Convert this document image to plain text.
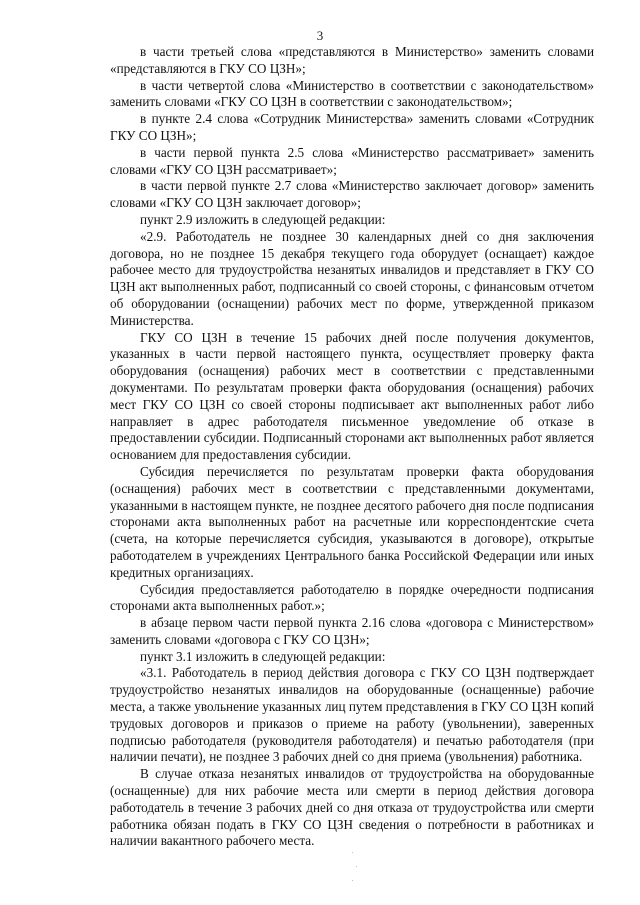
3

в части третьей слова «представляются в Министерство» заменить словами «представляются в ГКУ СО ЦЗН»;

в части четвертой слова «Министерство в соответствии с законодательством» заменить словами «ГКУ СО ЦЗН в соответствии с законодательством»;

в пункте 2.4 слова «Сотрудник Министерства» заменить словами «Сотрудник ГКУ СО ЦЗН»;

в части первой пункта 2.5 слова «Министерство рассматривает» заменить словами «ГКУ СО ЦЗН рассматривает»;

в части первой пункте 2.7 слова «Министерство заключает договор» заменить словами «ГКУ СО ЦЗН заключает договор»;

пункт 2.9 изложить в следующей редакции:

«2.9. Работодатель не позднее 30 календарных дней со дня заключения договора, но не позднее 15 декабря текущего года оборудует (оснащает) каждое рабочее место для трудоустройства незанятых инвалидов и представляет в ГКУ СО ЦЗН акт выполненных работ, подписанный со своей стороны, с финансовым отчетом об оборудовании (оснащении) рабочих мест по форме, утвержденной приказом Министерства.

ГКУ СО ЦЗН в течение 15 рабочих дней после получения документов, указанных в части первой настоящего пункта, осуществляет проверку факта оборудования (оснащения) рабочих мест в соответствии с представленными документами. По результатам проверки факта оборудования (оснащения) рабочих мест ГКУ СО ЦЗН со своей стороны подписывает акт выполненных работ либо направляет в адрес работодателя письменное уведомление об отказе в предоставлении субсидии. Подписанный сторонами акт выполненных работ является основанием для предоставления субсидии.

Субсидия перечисляется по результатам проверки факта оборудования (оснащения) рабочих мест в соответствии с представленными документами, указанными в настоящем пункте, не позднее десятого рабочего дня после подписания сторонами акта выполненных работ на расчетные или корреспондентские счета (счета, на которые перечисляется субсидия, указываются в договоре), открытые работодателем в учреждениях Центрального банка Российской Федерации или иных кредитных организациях.

Субсидия предоставляется работодателю в порядке очередности подписания сторонами акта выполненных работ.»;

в абзаце первом части первой пункта 2.16 слова «договора с Министерством» заменить словами «договора с ГКУ СО ЦЗН»;

пункт 3.1 изложить в следующей редакции:

«3.1. Работодатель в период действия договора с ГКУ СО ЦЗН подтверждает трудоустройство незанятых инвалидов на оборудованные (оснащенные) рабочие места, а также увольнение указанных лиц путем представления в ГКУ СО ЦЗН копий трудовых договоров и приказов о приеме на работу (увольнении), заверенных подписью работодателя (руководителя работодателя) и печатью работодателя (при наличии печати), не позднее 3 рабочих дней со дня приема (увольнения) работника.

В случае отказа незанятых инвалидов от трудоустройства на оборудованные (оснащенные) для них рабочие места или смерти в период действия договора работодатель в течение 3 рабочих дней со дня отказа от трудоустройства или смерти работника обязан подать в ГКУ СО ЦЗН сведения о потребности в работниках и наличии вакантного рабочего места.
